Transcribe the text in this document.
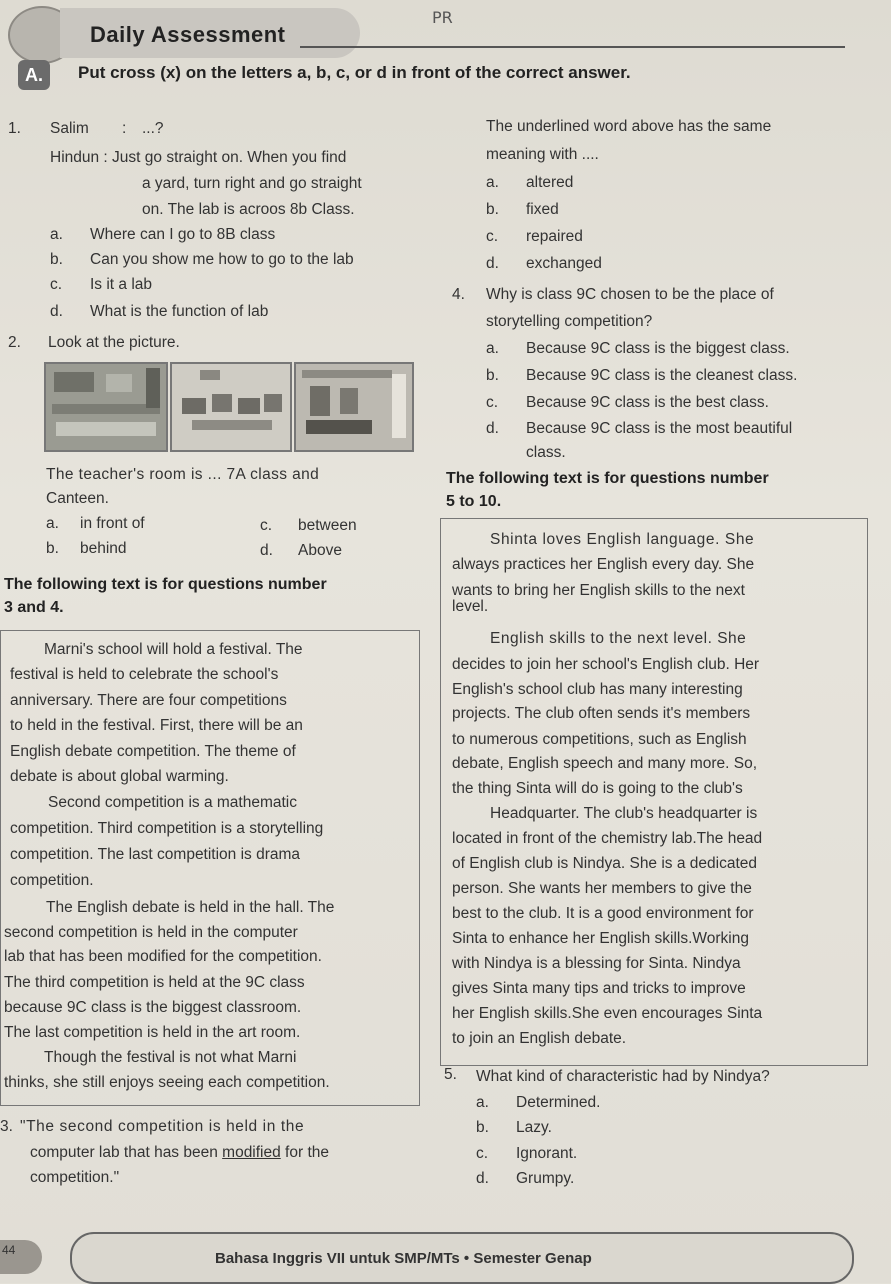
Daily Assessment
PR
A.	Put cross (x) on the letters a, b, c, or d in front of the correct answer.
1. Salim : ...?
Hindun : Just go straight on. When you find
a yard, turn right and go straight
on. The lab is acroos 8b Class.
a. Where can I go to 8B class
b. Can you show me how to go to the lab
c. Is it a lab
d. What is the function of lab
2. Look at the picture.
The teacher's room is ... 7A class and
Canteen.
a. in front of	c. between
b. behind	d. Above
The following text is for questions number
3 and 4.
Marni's school will hold a festival. The
festival is held to celebrate the school's
anniversary. There are four competitions
to held in the festival. First, there will be an
English debate competition. The theme of
debate is about global warming.
Second competition is a mathematic
competition. Third competition is a storytelling
competition. The last competition is drama
competition.
The English debate is held in the hall. The
second competition is held in the computer
lab that has been modified for the competition.
The third competition is held at the 9C class
because 9C class is the biggest classroom.
The last competition is held in the art room.
Though the festival is not what Marni
thinks, she still enjoys seeing each competition.
3. "The second competition is held in the
computer lab that has been modified for the
competition."
The underlined word above has the same
meaning with ....
a. altered
b. fixed
c. repaired
d. exchanged
4. Why is class 9C chosen to be the place of
storytelling competition?
a. Because 9C class is the biggest class.
b. Because 9C class is the cleanest class.
c. Because 9C class is the best class.
d. Because 9C class is the most beautiful
class.
The following text is for questions number
5 to 10.
Shinta loves English language. She
always practices her English every day. She
wants to bring her English skills to the next
level.
English skills to the next level. She
decides to join her school's English club. Her
English's school club has many interesting
projects. The club often sends it's members
to numerous competitions, such as English
debate, English speech and many more. So,
the thing Sinta will do is going to the club's
Headquarter. The club's headquarter is
located in front of the chemistry lab.The head
of English club is Nindya. She is a dedicated
person. She wants her members to give the
best to the club. It is a good environment for
Sinta to enhance her English skills.Working
with Nindya is a blessing for Sinta. Nindya
gives Sinta many tips and tricks to improve
her English skills.She even encourages Sinta
to join an English debate.
5. What kind of characteristic had by Nindya?
a. Determined.
b. Lazy.
c. Ignorant.
d. Grumpy.
44	Bahasa Inggris VII untuk SMP/MTs • Semester Genap
